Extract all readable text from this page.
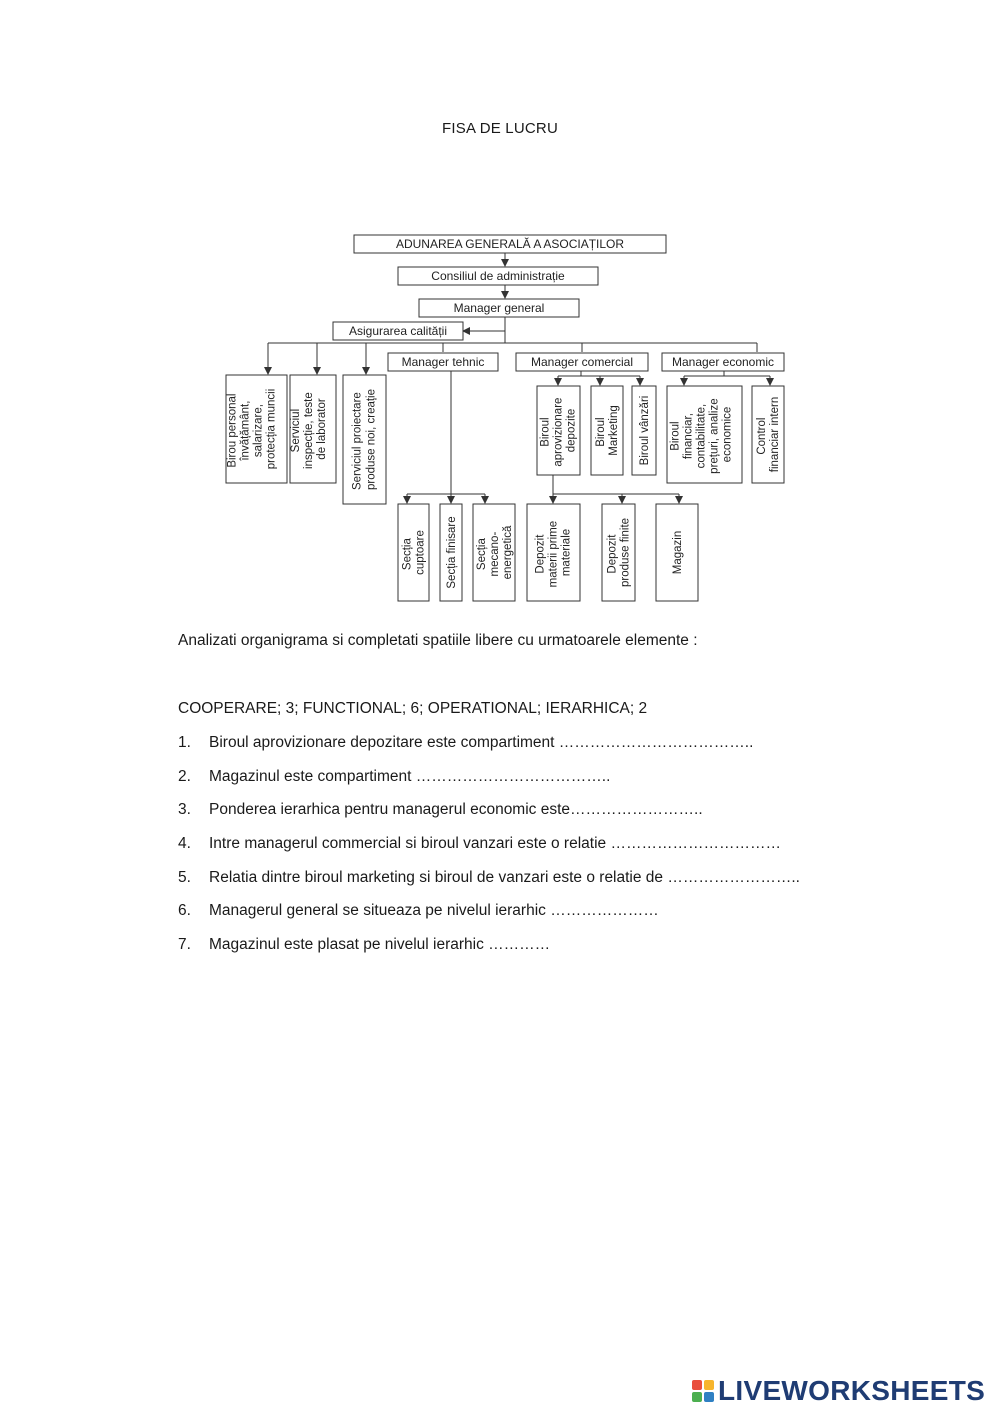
FISA DE LUCRU
ADUNAREA GENERALĂ A ASOCIAȚILOR
Consiliul de administrație
Manager general
Asigurarea calității
Manager tehnic	Manager comercial	Manager economic
Birou personal învățământ, salarizare, protecția muncii Serviciul inspecție, teste de laborator Serviciul proiectare produse noi, creație	Biroul aprovizionare depozite Biroul Marketing Biroul vânzări Biroul financiar, contabilitate, prețuri, analize economice Control financiar intern
Secția cuptoare Secția finisare Secția mecano- energetică Depozit materii prime materiale	Depozit produse finite	Magazin
Analizati organigrama si completati spatiile libere cu urmatoarele elemente :
COOPERARE; 3; FUNCTIONAL; 6; OPERATIONAL; IERARHICA; 2
1. Biroul aprovizionare depozitare este compartiment ………………………………..
2. Magazinul este compartiment ………………………………..
3. Ponderea ierarhica pentru managerul economic este……………………..
4. Intre managerul commercial si biroul vanzari este o relatie ……………………………
5. Relatia dintre biroul marketing si biroul de vanzari este o relatie de ……………………..
6. Managerul general se situeaza pe nivelul ierarhic …………………
7. Magazinul este plasat pe nivelul ierarhic …………
LIVEWORKSHEETS
